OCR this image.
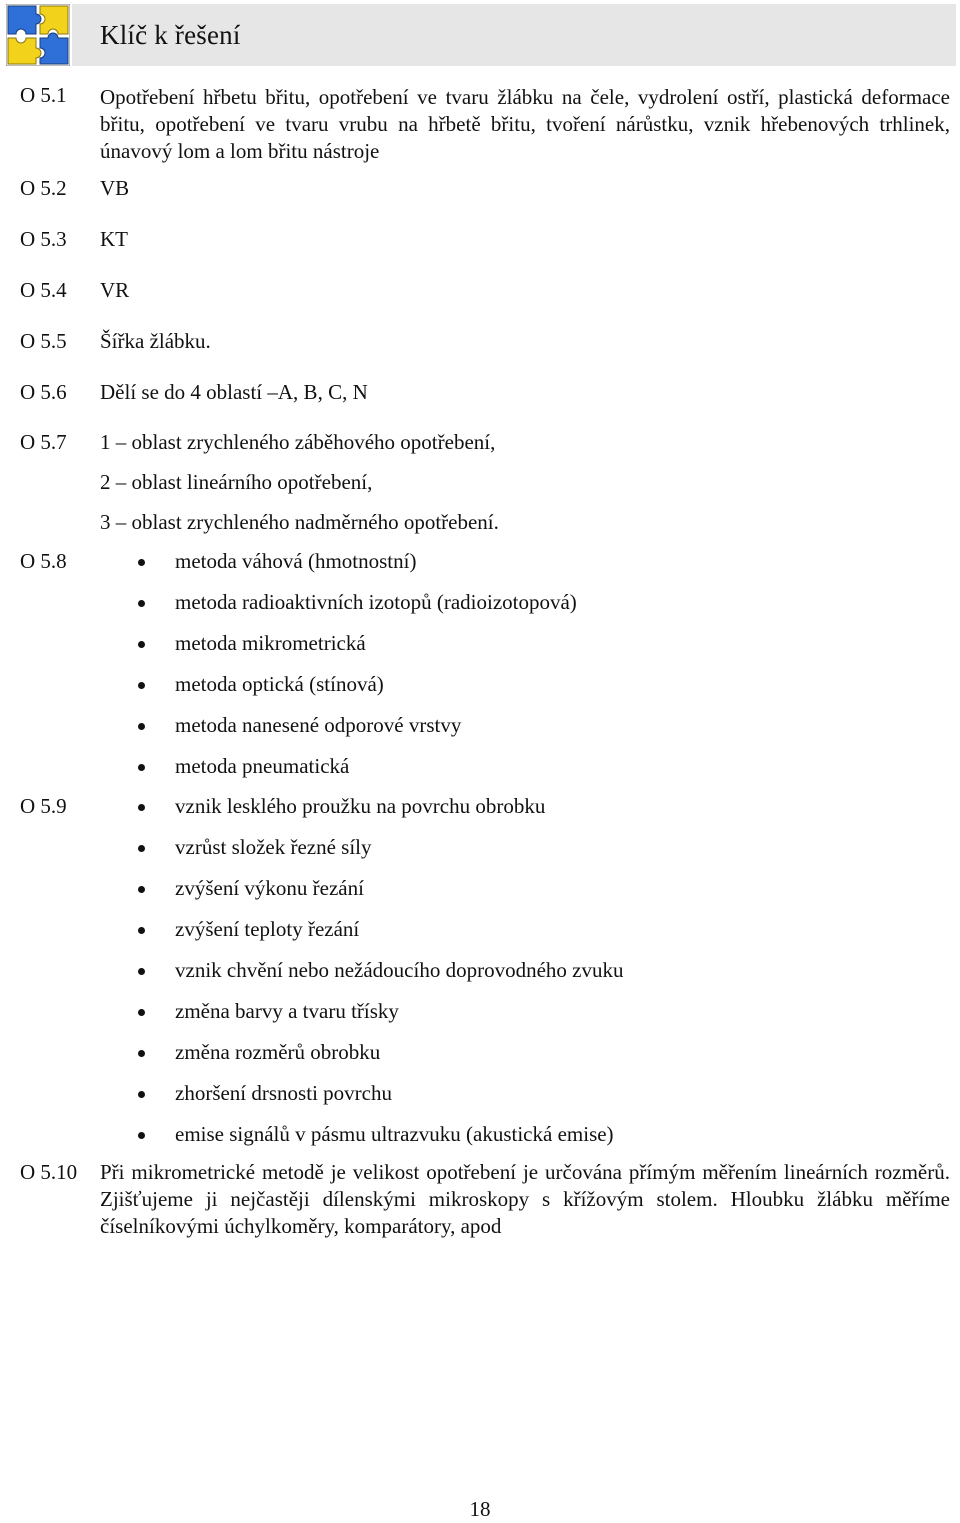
Klíč k řešení
O 5.1 Opotřebení hřbetu břitu, opotřebení ve tvaru žlábku na čele, vydrolení ostří, plastická deformace břitu, opotřebení ve tvaru vrubu na hřbetě břitu, tvoření nárůstku, vznik hřebenových trhlinek, únavový lom a lom břitu nástroje
O 5.2 VB
O 5.3 KT
O 5.4 VR
O 5.5 Šířka žlábku.
O 5.6 Dělí se do 4 oblastí –A, B, C, N
O 5.7 1 – oblast zrychleného záběhového opotřebení,
2 – oblast lineárního opotřebení,
3 – oblast zrychleného nadměrného opotřebení.
O 5.8	metoda váhová (hmotnostní)
metoda radioaktivních izotopů (radioizotopová)
metoda mikrometrická
metoda optická (stínová)
metoda nanesené odporové vrstvy
metoda pneumatická
O 5.9	vznik lesklého proužku na povrchu obrobku
vzrůst složek řezné síly
zvýšení výkonu řezání
zvýšení teploty řezání
vznik chvění nebo nežádoucího doprovodného zvuku
změna barvy a tvaru třísky
změna rozměrů obrobku
zhoršení drsnosti povrchu
emise signálů v pásmu ultrazvuku (akustická emise)
O 5.10 Při mikrometrické metodě je velikost opotřebení je určována přímým měřením lineárních rozměrů. Zjišťujeme ji nejčastěji dílenskými mikroskopy s křížovým stolem. Hloubku žlábku měříme číselníkovými úchylkoměry, komparátory, apod
18
